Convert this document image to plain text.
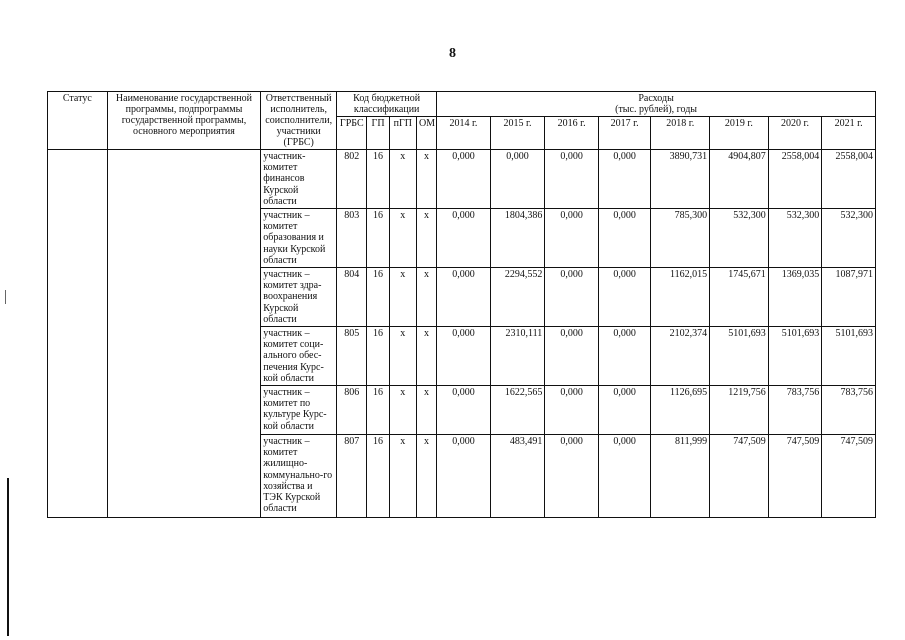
8
Статус	Наименование государственной программы, подпрограммы государственной программы, основного мероприятия	Ответственный исполнитель, соисполнители, участники (ГРБС)	Код бюджетной классификации				Расходы
(тыс. рублей), годы							

			ГРБС	ГП	пГП	ОМ	2014 г.	2015 г.	2016 г.	2017 г.	2018 г.	2019 г.	2020 г.	2021 г.
		участник- комитет финансов Курской области	802	16	х	х	0,000	0,000	0,000	0,000	3890,731	4904,807	2558,004	2558,004
		участник – комитет образования и науки Курской области	803	16	х	х	0,000	1804,386	0,000	0,000	785,300	532,300	532,300	532,300
		участник – комитет здра-воохранения Курской области	804	16	х	х	0,000	2294,552	0,000	0,000	1162,015	1745,671	1369,035	1087,971
		участник – комитет соци-ального обес-печения Курс-кой области	805	16	х	х	0,000	2310,111	0,000	0,000	2102,374	5101,693	5101,693	5101,693
		участник – комитет по культуре Курс-кой области	806	16	х	х	0,000	1622,565	0,000	0,000	1126,695	1219,756	783,756	783,756
		участник – комитет жилищно-коммунально-го хозяйства и ТЭК Курской области	807	16	х	х	0,000	483,491	0,000	0,000	811,999	747,509	747,509	747,509
